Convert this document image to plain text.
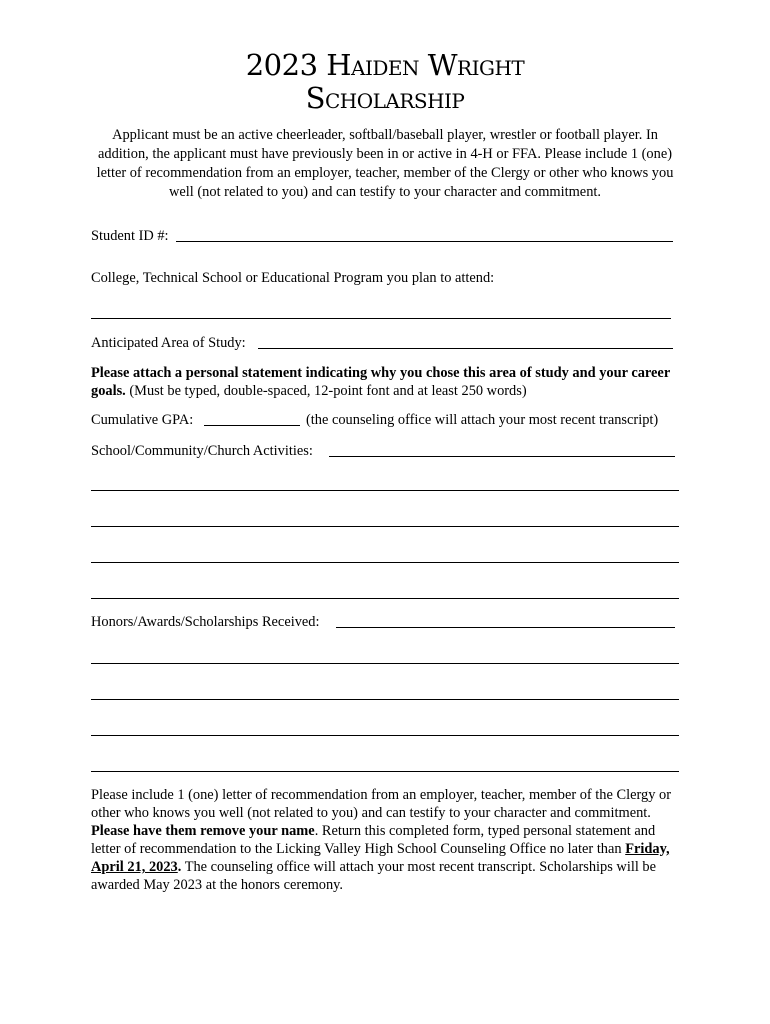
2023 Haiden Wright
Scholarship
Applicant must be an active cheerleader, softball/baseball player, wrestler or football player. In addition, the applicant must have previously been in or active in 4-H or FFA. Please include 1 (one) letter of recommendation from an employer, teacher, member of the Clergy or other who knows you well (not related to you) and can testify to your character and commitment.
Student ID #:
College, Technical School or Educational Program you plan to attend:
Anticipated Area of Study:
Please attach a personal statement indicating why you chose this area of study and your career goals. (Must be typed, double-spaced, 12-point font and at least 250 words)
Cumulative GPA:	(the counseling office will attach your most recent transcript)
School/Community/Church Activities:
Honors/Awards/Scholarships Received:
Please include 1 (one) letter of recommendation from an employer, teacher, member of the Clergy or other who knows you well (not related to you) and can testify to your character and commitment. Please have them remove your name. Return this completed form, typed personal statement and letter of recommendation to the Licking Valley High School Counseling Office no later than Friday, April 21, 2023. The counseling office will attach your most recent transcript. Scholarships will be awarded May 2023 at the honors ceremony.
